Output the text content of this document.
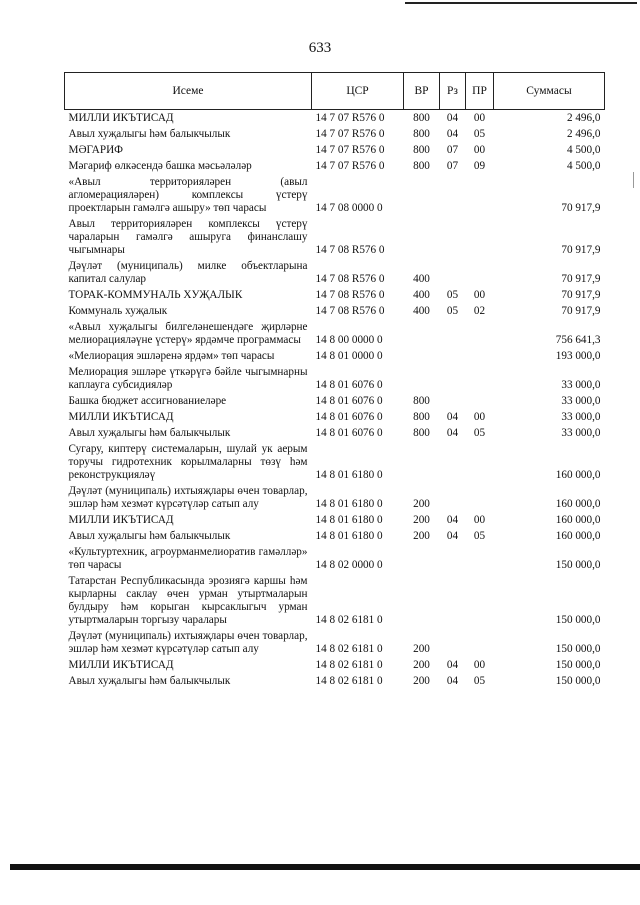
633
Исеме	ЦСР	ВР	Рз	ПР	Суммасы
МИЛЛИ ИКЪТИСАД	14 7 07 R576 0	800	04	00	2 496,0
Авыл хуҗалыгы һәм балыкчылык	14 7 07 R576 0	800	04	05	2 496,0
МӘГАРИФ	14 7 07 R576 0	800	07	00	4 500,0
Мәгариф өлкәсендә башка мәсьәләләр	14 7 07 R576 0	800	07	09	4 500,0
«Авыл территорияләрен (авыл агломерацияләрен) комплексы үстерү проектларын гамәлгә ашыру» төп чарасы	14 7 08 0000 0				70 917,9
Авыл территорияләрен комплексы үстерү чараларын гамәлгә ашыруга финанслашу чыгымнары	14 7 08 R576 0				70 917,9
Дәүләт (муниципаль) милке объектларына капитал салулар	14 7 08 R576 0	400			70 917,9
ТОРАК-КОММУНАЛЬ ХУҖАЛЫК	14 7 08 R576 0	400	05	00	70 917,9
Коммуналь хуҗалык	14 7 08 R576 0	400	05	02	70 917,9
«Авыл хуҗалыгы билгеләнешендәге җирләрне мелиорацияләүне үстерү» ярдәмче программасы	14 8 00 0000 0				756 641,3
«Мелиорация эшләренә ярдәм» төп чарасы	14 8 01 0000 0				193 000,0
Мелиорация эшләре үткәрүгә бәйле чыгымнарны каплауга субсидияләр	14 8 01 6076 0				33 000,0
Башка бюджет ассигнованиеләре	14 8 01 6076 0	800			33 000,0
МИЛЛИ ИКЪТИСАД	14 8 01 6076 0	800	04	00	33 000,0
Авыл хуҗалыгы һәм балыкчылык	14 8 01 6076 0	800	04	05	33 000,0
Сугару, киптерү системаларын, шулай ук аерым торучы гидротехник корылмаларны төзү һәм реконструкцияләү	14 8 01 6180 0				160 000,0
Дәүләт (муниципаль) ихтыяҗлары өчен товарлар, эшләр һәм хезмәт күрсәтүләр сатып алу	14 8 01 6180 0	200			160 000,0
МИЛЛИ ИКЪТИСАД	14 8 01 6180 0	200	04	00	160 000,0
Авыл хуҗалыгы һәм балыкчылык	14 8 01 6180 0	200	04	05	160 000,0
«Культуртехник, агроурманмелиоратив гамәлләр» төп чарасы	14 8 02 0000 0				150 000,0
Татарстан Республикасында эрозиягә каршы һәм кырларны саклау өчен урман утыртмаларын булдыру һәм корыган кырсаклыгыч урман утыртмаларын торгызу чаралары	14 8 02 6181 0				150 000,0
Дәүләт (муниципаль) ихтыяҗлары өчен товарлар, эшләр һәм хезмәт күрсәтүләр сатып алу	14 8 02 6181 0	200			150 000,0
МИЛЛИ ИКЪТИСАД	14 8 02 6181 0	200	04	00	150 000,0
Авыл хуҗалыгы һәм балыкчылык	14 8 02 6181 0	200	04	05	150 000,0
